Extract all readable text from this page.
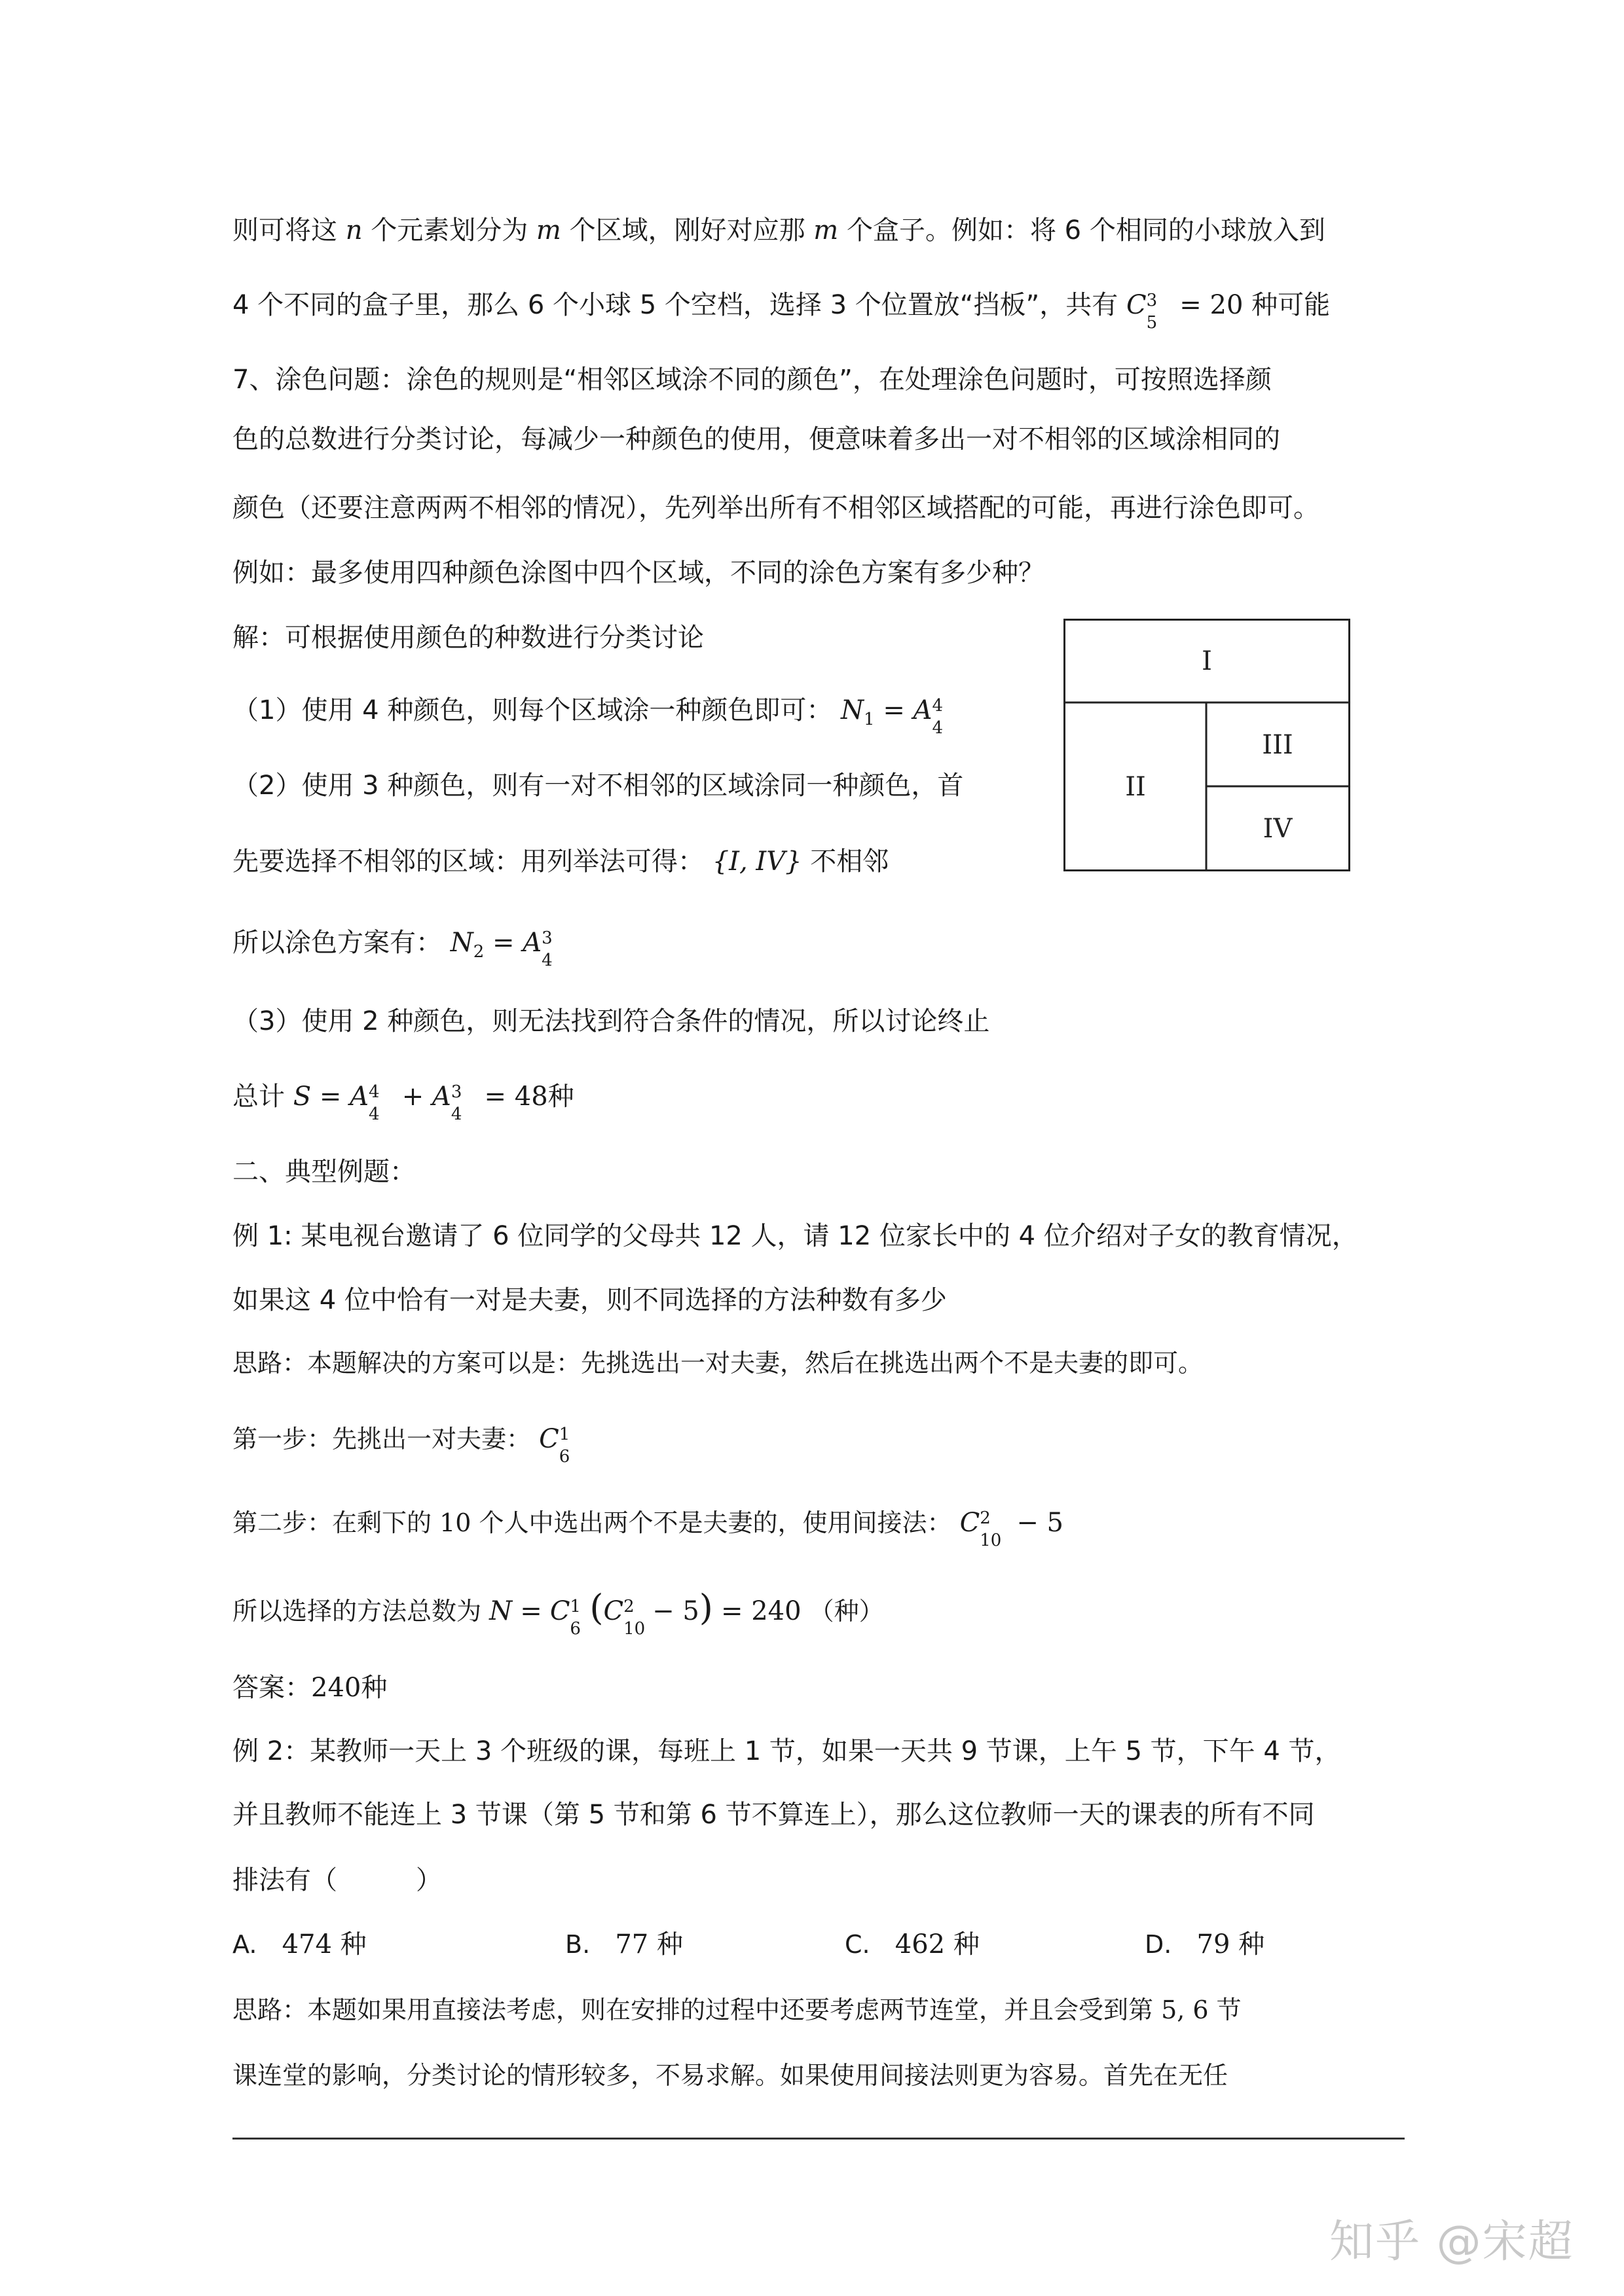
则可将这 n 个元素划分为 m 个区域，刚好对应那 m 个盒子。例如：将 6 个相同的小球放入到
4 个不同的盒子里，那么 6 个小球 5 个空档，选择 3 个位置放“挡板”，共有 C 3
5
= 20 种可能
7、涂色问题：涂色的规则是“相邻区域涂不同的颜色”，在处理涂色问题时，可按照选择颜
色的总数进行分类讨论，每减少一种颜色的使用，便意味着多出一对不相邻的区域涂相同的
颜色（还要注意两两不相邻的情况），先列举出所有不相邻区域搭配的可能，再进行涂色即可。
例如：最多使用四种颜色涂图中四个区域，不同的涂色方案有多少种？
解：可根据使用颜色的种数进行分类讨论
（1）使用 4 种颜色，则每个区域涂一种颜色即可： $N_1 = A$ 4
4
（2）使用 3 种颜色，则有一对不相邻的区域涂同一种颜色，首
先要选择不相邻的区域：用列举法可得： {I, IV} 不相邻
所以涂色方案有： $N_2 = A$ 3
4
（3）使用 2 种颜色，则无法找到符合条件的情况，所以讨论终止
总计 S = A 4
4
+ A 3
4
= 48种
二、典型例题：
例 1: 某电视台邀请了 6 位同学的父母共 12 人，请 12 位家长中的 4 位介绍对子女的教育情况，
如果这 4 位中恰有一对是夫妻，则不同选择的方法种数有多少
思路：本题解决的方案可以是：先挑选出一对夫妻，然后在挑选出两个不是夫妻的即可。
第一步：先挑出一对夫妻： C 1
6
第二步：在剩下的 10 个人中选出两个不是夫妻的，使用间接法： C 2
10
− 5
所以选择的方法总数为 N = C 1
6
(C 2
10
− 5) = 240 （种）
答案：240种
例 2：某教师一天上 3 个班级的课，每班上 1 节，如果一天共 9 节课，上午 5 节，下午 4 节，
并且教师不能连上 3 节课（第 5 节和第 6 节不算连上），那么这位教师一天的课表的所有不同
排法有（　　　）
A. 474 种	B. 77 种	C. 462 种	D. 79 种
思路：本题如果用直接法考虑，则在安排的过程中还要考虑两节连堂，并且会受到第 5, 6 节
课连堂的影响，分类讨论的情形较多，不易求解。如果使用间接法则更为容易。首先在无任
I
II
III
IV
知乎 @宋超
